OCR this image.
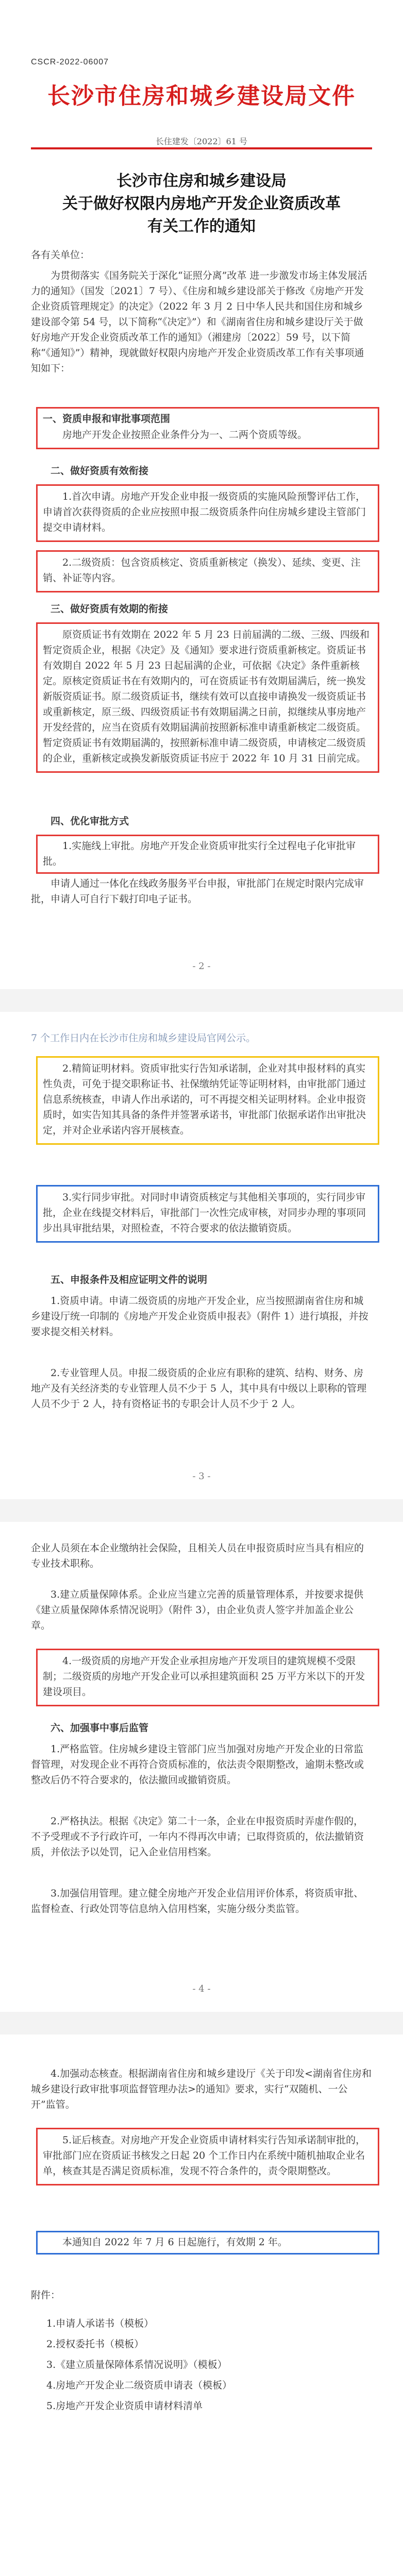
CSCR-2022-06007
长沙市住房和城乡建设局文件
长住建发〔2022〕61 号
长沙市住房和城乡建设局
关于做好权限内房地产开发企业资质改革
有关工作的通知
各有关单位：
为贯彻落实《国务院关于深化“证照分离”改革 进一步激发市场主体发展活力的通知》（国发〔2021〕7 号）、《住房和城乡建设部关于修改《房地产开发企业资质管理规定》的决定》（2022 年 3 月 2 日中华人民共和国住房和城乡建设部令第 54 号，以下简称“《决定》”）和《湖南省住房和城乡建设厅关于做好房地产开发企业资质改革工作的通知》（湘建房〔2022〕59 号，以下简称“《通知》”）精神，现就做好权限内房地产开发企业资质改革工作有关事项通知如下：
一、资质申报和审批事项范围
房地产开发企业按照企业条件分为一、二两个资质等级。
二、做好资质有效衔接
1.首次申请。房地产开发企业申报一级资质的实施风险预警评估工作，申请首次获得资质的企业应按照申报二级资质条件向住房城乡建设主管部门提交申请材料。
2.二级资质：包含资质核定、资质重新核定（换发）、延续、变更、注销、补证等内容。
三、做好资质有效期的衔接
原资质证书有效期在 2022 年 5 月 23 日前届满的二级、三级、四级和暂定资质企业，根据《决定》及《通知》要求进行资质重新核定。资质证书有效期自 2022 年 5 月 23 日起届满的企业，可依据《决定》条件重新核定。原核定资质证书在有效期内的，可在资质证书有效期届满后，统一换发新版资质证书。原二级资质证书，继续有效可以直接申请换发一级资质证书或重新核定，原三级、四级资质证书有效期届满之日前，拟继续从事房地产开发经营的，应当在资质有效期届满前按照新标准申请重新核定二级资质。暂定资质证书有效期届满的，按照新标准申请二级资质，申请核定二级资质的企业，重新核定或换发新版资质证书应于 2022 年 10 月 31 日前完成。
四、优化审批方式
1.实施线上审批。房地产开发企业资质审批实行全过程电子化审批审批。
申请人通过一体化在线政务服务平台申报，审批部门在规定时限内完成审批，申请人可自行下载打印电子证书。
- 2 -
7 个工作日内在长沙市住房和城乡建设局官网公示。
2.精简证明材料。资质审批实行告知承诺制，企业对其申报材料的真实性负责，可免于提交职称证书、社保缴纳凭证等证明材料，由审批部门通过信息系统核查，申请人作出承诺的，可不再提交相关证明材料。企业申报资质时，如实告知其具备的条件并签署承诺书，审批部门依据承诺作出审批决定，并对企业承诺内容开展核查。
3.实行同步审批。对同时申请资质核定与其他相关事项的，实行同步审批，企业在线提交材料后，审批部门一次性完成审核，对同步办理的事项同步出具审批结果，对照检查，不符合要求的依法撤销资质。
五、申报条件及相应证明文件的说明
1.资质申请。申请二级资质的房地产开发企业，应当按照湖南省住房和城乡建设厅统一印制的《房地产开发企业资质申报表》（附件 1）进行填报，并按要求提交相关材料。
2.专业管理人员。申报二级资质的企业应有职称的建筑、结构、财务、房地产及有关经济类的专业管理人员不少于 5 人，其中具有中级以上职称的管理人员不少于 2 人，持有资格证书的专职会计人员不少于 2 人。
- 3 -
企业人员须在本企业缴纳社会保险，且相关人员在申报资质时应当具有相应的专业技术职称。
3.建立质量保障体系。企业应当建立完善的质量管理体系，并按要求提供《建立质量保障体系情况说明》（附件 3），由企业负责人签字并加盖企业公章。
4.一级资质的房地产开发企业承担房地产开发项目的建筑规模不受限制；二级资质的房地产开发企业可以承担建筑面积 25 万平方米以下的开发建设项目。
六、加强事中事后监管
1.严格监管。住房城乡建设主管部门应当加强对房地产开发企业的日常监督管理，对发现企业不再符合资质标准的，依法责令限期整改，逾期未整改或整改后仍不符合要求的，依法撤回或撤销资质。
2.严格执法。根据《决定》第二十一条，企业在申报资质时弄虚作假的，不予受理或不予行政许可，一年内不得再次申请；已取得资质的，依法撤销资质，并依法予以处罚，记入企业信用档案。
3.加强信用管理。建立健全房地产开发企业信用评价体系，将资质审批、监督检查、行政处罚等信息纳入信用档案，实施分级分类监管。
- 4 -
4.加强动态核查。根据湖南省住房和城乡建设厅《关于印发<湖南省住房和城乡建设行政审批事项监督管理办法>的通知》要求，实行“双随机、一公开”监管。
5.证后核查。对房地产开发企业资质申请材料实行告知承诺制审批的，审批部门应在资质证书核发之日起 20 个工作日内在系统中随机抽取企业名单，核查其是否满足资质标准，发现不符合条件的，责令限期整改。
本通知自 2022 年 7 月 6 日起施行，有效期 2 年。
附件：
1.申请人承诺书（模板）
2.授权委托书（模板）
3.《建立质量保障体系情况说明》（模板）
4.房地产开发企业二级资质申请表（模板）
5.房地产开发企业资质申请材料清单
